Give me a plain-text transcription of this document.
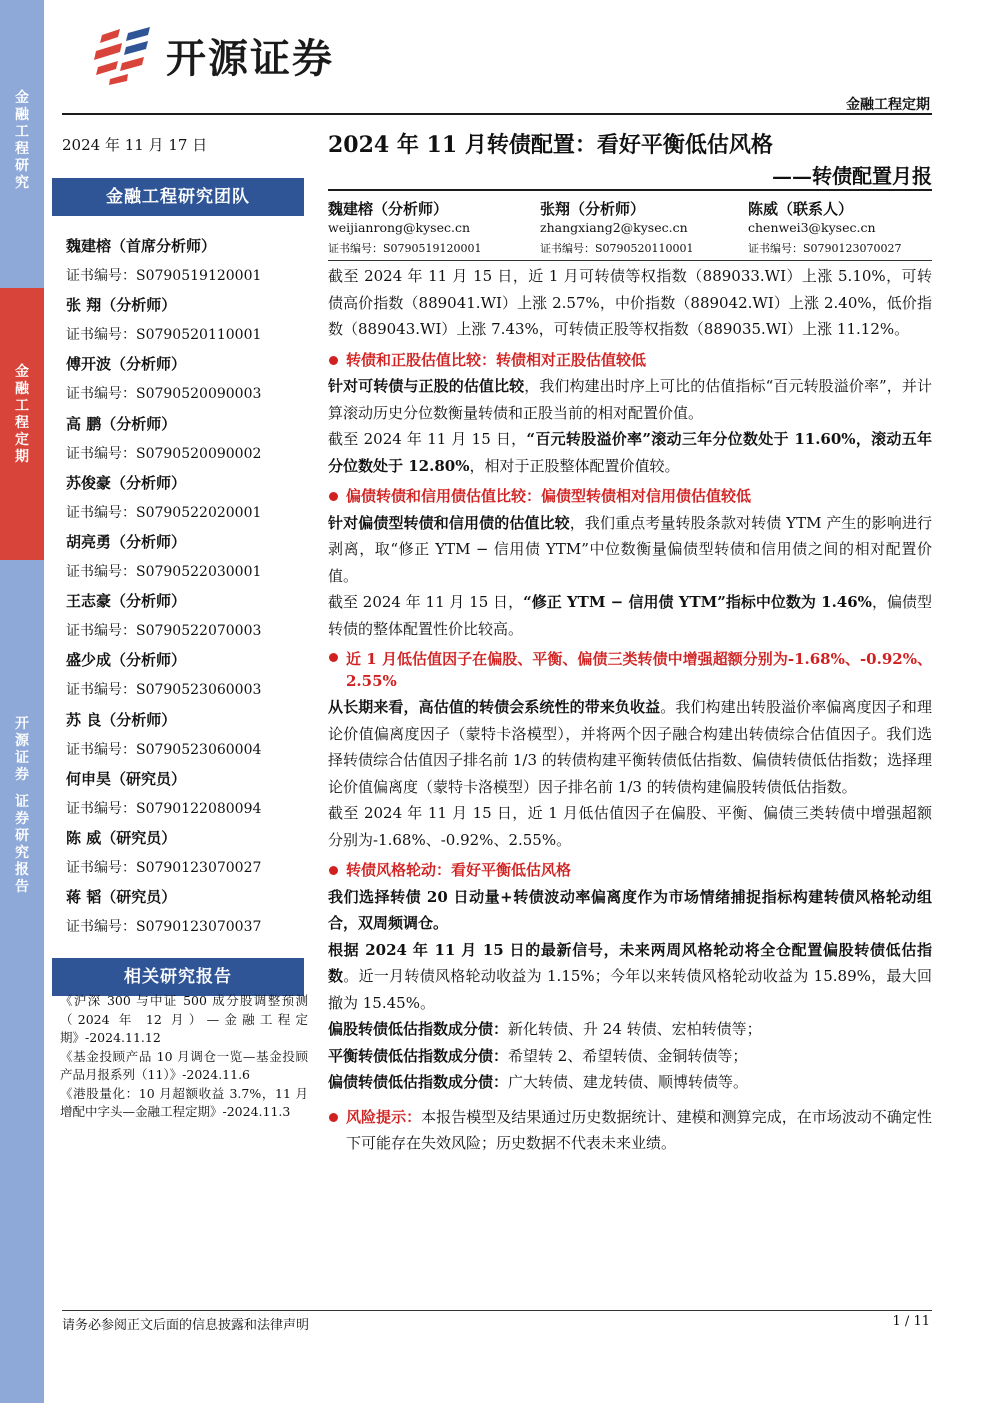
金
融
工
程
研
究
金
融
工
程
定
期
开
源
证
券
证
券
研
究
报
告
开源证券
金融工程定期
2024 年 11 月 17 日
金融工程研究团队
魏建榕（首席分析师）
证书编号：S0790519120001
张 翔（分析师）
证书编号：S0790520110001
傅开波（分析师）
证书编号：S0790520090003
高 鹏（分析师）
证书编号：S0790520090002
苏俊豪（分析师）
证书编号：S0790522020001
胡亮勇（分析师）
证书编号：S0790522030001
王志豪（分析师）
证书编号：S0790522070003
盛少成（分析师）
证书编号：S0790523060003
苏 良（分析师）
证书编号：S0790523060004
何申昊（研究员）
证书编号：S0790122080094
陈 威（研究员）
证书编号：S0790123070027
蒋 韬（研究员）
证书编号：S0790123070037
相关研究报告
《沪深 300 与中证 500 成分股调整预测（2024 年 12 月）—金融工程定期》-2024.11.12
《基金投顾产品 10 月调仓一览—基金投顾产品月报系列（11）》-2024.11.6
《港股量化：10 月超额收益 3.7%，11 月增配中字头—金融工程定期》-2024.11.3
2024 年 11 月转债配置：看好平衡低估风格
——转债配置月报
魏建榕（分析师）
weijianrong@kysec.cn
证书编号：S0790519120001
张翔（分析师）
zhangxiang2@kysec.cn
证书编号：S0790520110001
陈威（联系人）
chenwei3@kysec.cn
证书编号：S0790123070027

截至 2024 年 11 月 15 日，近 1 月可转债等权指数（889033.WI）上涨 5.10%，可转债高价指数（889041.WI）上涨 2.57%，中价指数（889042.WI）上涨 2.40%，低价指数（889043.WI）上涨 7.43%，可转债正股等权指数（889035.WI）上涨 11.12%。

转债和正股估值比较：转债相对正股估值较低

针对可转债与正股的估值比较，我们构建出时序上可比的估值指标“百元转股溢价率”，并计算滚动历史分位数衡量转债和正股当前的相对配置价值。

截至 2024 年 11 月 15 日，“百元转股溢价率”滚动三年分位数处于 11.60%，滚动五年分位数处于 12.80%，相对于正股整体配置价值较。

偏债转债和信用债估值比较：偏债型转债相对信用债估值较低

针对偏债型转债和信用债的估值比较，我们重点考量转股条款对转债 YTM 产生的影响进行剥离，取“修正 YTM − 信用债 YTM”中位数衡量偏债型转债和信用债之间的相对配置价值。

截至 2024 年 11 月 15 日，“修正 YTM − 信用债 YTM”指标中位数为 1.46%，偏债型转债的整体配置性价比较高。

近 1 月低估值因子在偏股、平衡、偏债三类转债中增强超额分别为-1.68%、-0.92%、2.55%

从长期来看，高估值的转债会系统性的带来负收益。我们构建出转股溢价率偏离度因子和理论价值偏离度因子（蒙特卡洛模型），并将两个因子融合构建出转债综合估值因子。我们选择转债综合估值因子排名前 1/3 的转债构建平衡转债低估指数、偏债转债低估指数；选择理论价值偏离度（蒙特卡洛模型）因子排名前 1/3 的转债构建偏股转债低估指数。

截至 2024 年 11 月 15 日，近 1 月低估值因子在偏股、平衡、偏债三类转债中增强超额分别为-1.68%、-0.92%、2.55%。

转债风格轮动：看好平衡低估风格

我们选择转债 20 日动量+转债波动率偏离度作为市场情绪捕捉指标构建转债风格轮动组合，双周频调仓。

根据 2024 年 11 月 15 日的最新信号，未来两周风格轮动将全仓配置偏股转债低估指数。近一月转债风格轮动收益为 1.15%；今年以来转债风格轮动收益为 15.89%，最大回撤为 15.45%。

偏股转债低估指数成分债：新化转债、升 24 转债、宏柏转债等；

平衡转债低估指数成分债：希望转 2、希望转债、金铜转债等；

偏债转债低估指数成分债：广大转债、建龙转债、顺博转债等。

风险提示：本报告模型及结果通过历史数据统计、建模和测算完成，在市场波动不确定性下可能存在失效风险；历史数据不代表未来业绩。

请务必参阅正文后面的信息披露和法律声明	1 / 11
